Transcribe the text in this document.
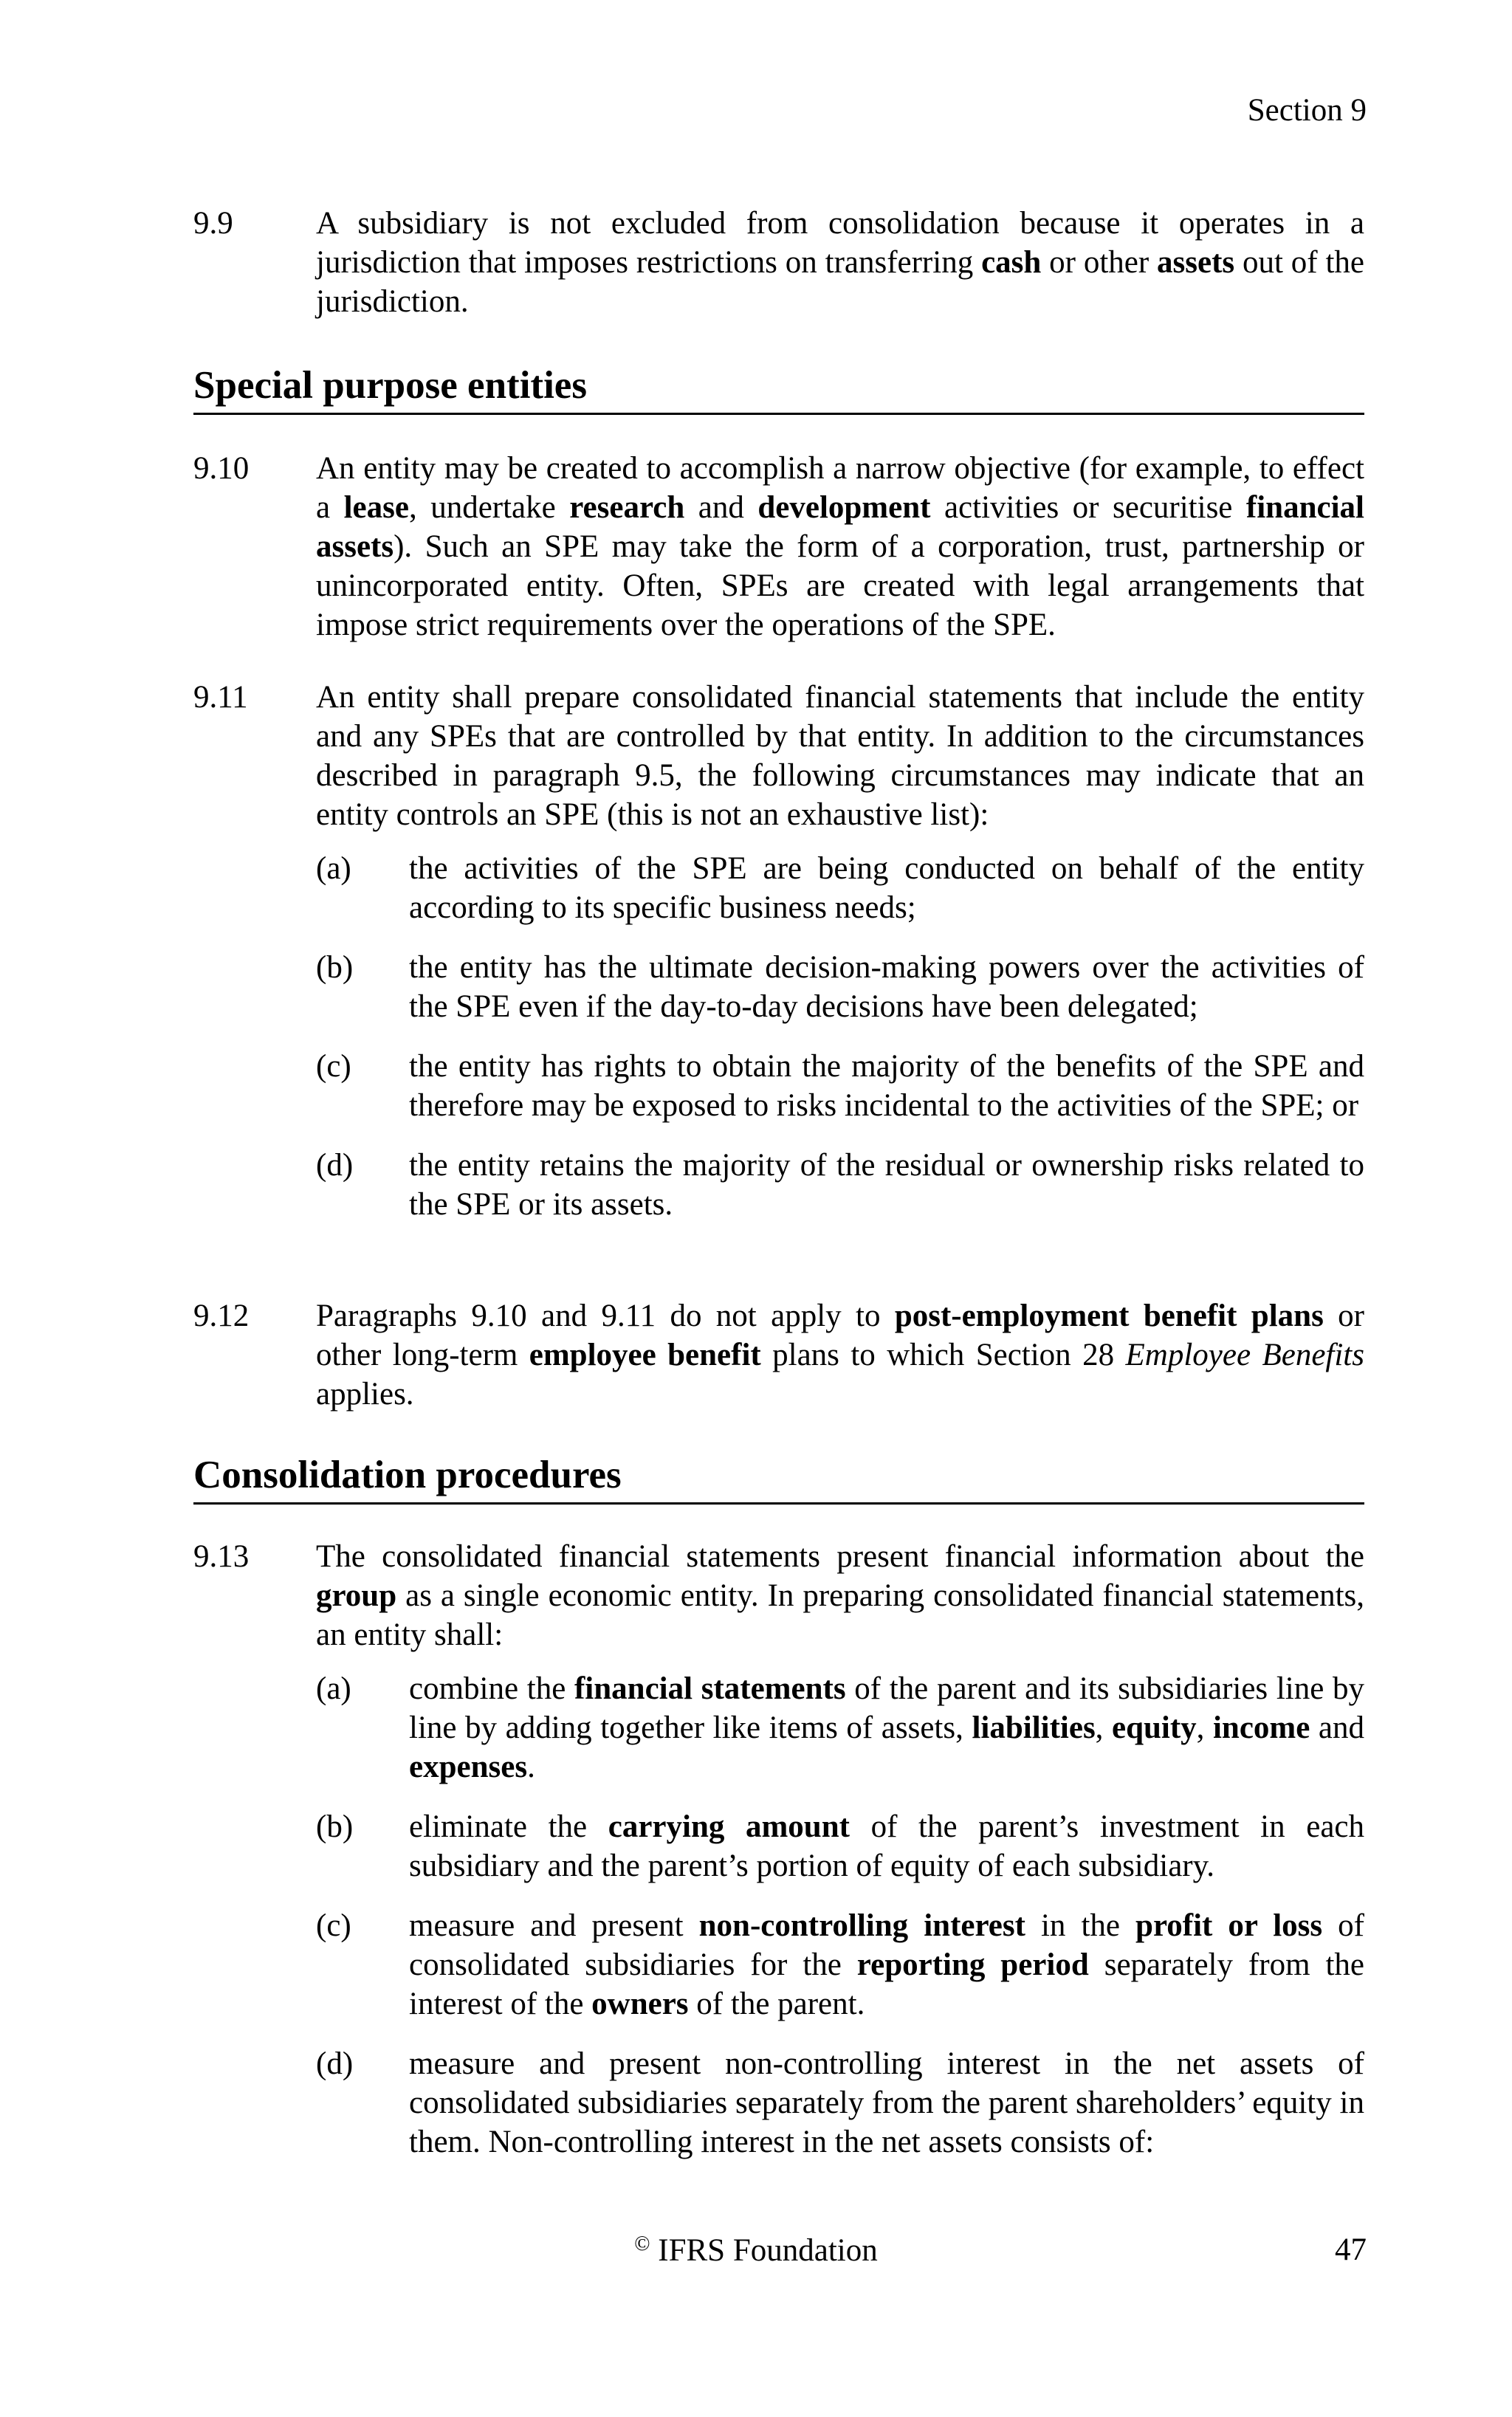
Section 9
9.9	A subsidiary is not excluded from consolidation because it operates in a jurisdiction that imposes restrictions on transferring cash or other assets out of the jurisdiction.
Special purpose entities
9.10 An entity may be created to accomplish a narrow objective (for example, to effect a lease, undertake research and development activities or securitise financial assets). Such an SPE may take the form of a corporation, trust, partnership or unincorporated entity. Often, SPEs are created with legal arrangements that impose strict requirements over the operations of the SPE.
9.11 An entity shall prepare consolidated financial statements that include the entity and any SPEs that are controlled by that entity. In addition to the circumstances described in paragraph 9.5, the following circumstances may indicate that an entity controls an SPE (this is not an exhaustive list):
(a) the activities of the SPE are being conducted on behalf of the entity according to its specific business needs;
(b) the entity has the ultimate decision-making powers over the activities of the SPE even if the day-to-day decisions have been delegated;
(c) the entity has rights to obtain the majority of the benefits of the SPE and therefore may be exposed to risks incidental to the activities of the SPE; or
(d) the entity retains the majority of the residual or ownership risks related to the SPE or its assets.
9.12 Paragraphs 9.10 and 9.11 do not apply to post-employment benefit plans or other long-term employee benefit plans to which Section 28 Employee Benefits applies.
Consolidation procedures
9.13 The consolidated financial statements present financial information about the group as a single economic entity. In preparing consolidated financial statements, an entity shall:
(a) combine the financial statements of the parent and its subsidiaries line by line by adding together like items of assets, liabilities, equity, income and expenses.
(b) eliminate the carrying amount of the parent’s investment in each subsidiary and the parent’s portion of equity of each subsidiary.
(c) measure and present non-controlling interest in the profit or loss of consolidated subsidiaries for the reporting period separately from the interest of the owners of the parent.
(d) measure and present non-controlling interest in the net assets of consolidated subsidiaries separately from the parent shareholders’ equity in them. Non-controlling interest in the net assets consists of:
© IFRS Foundation	47
